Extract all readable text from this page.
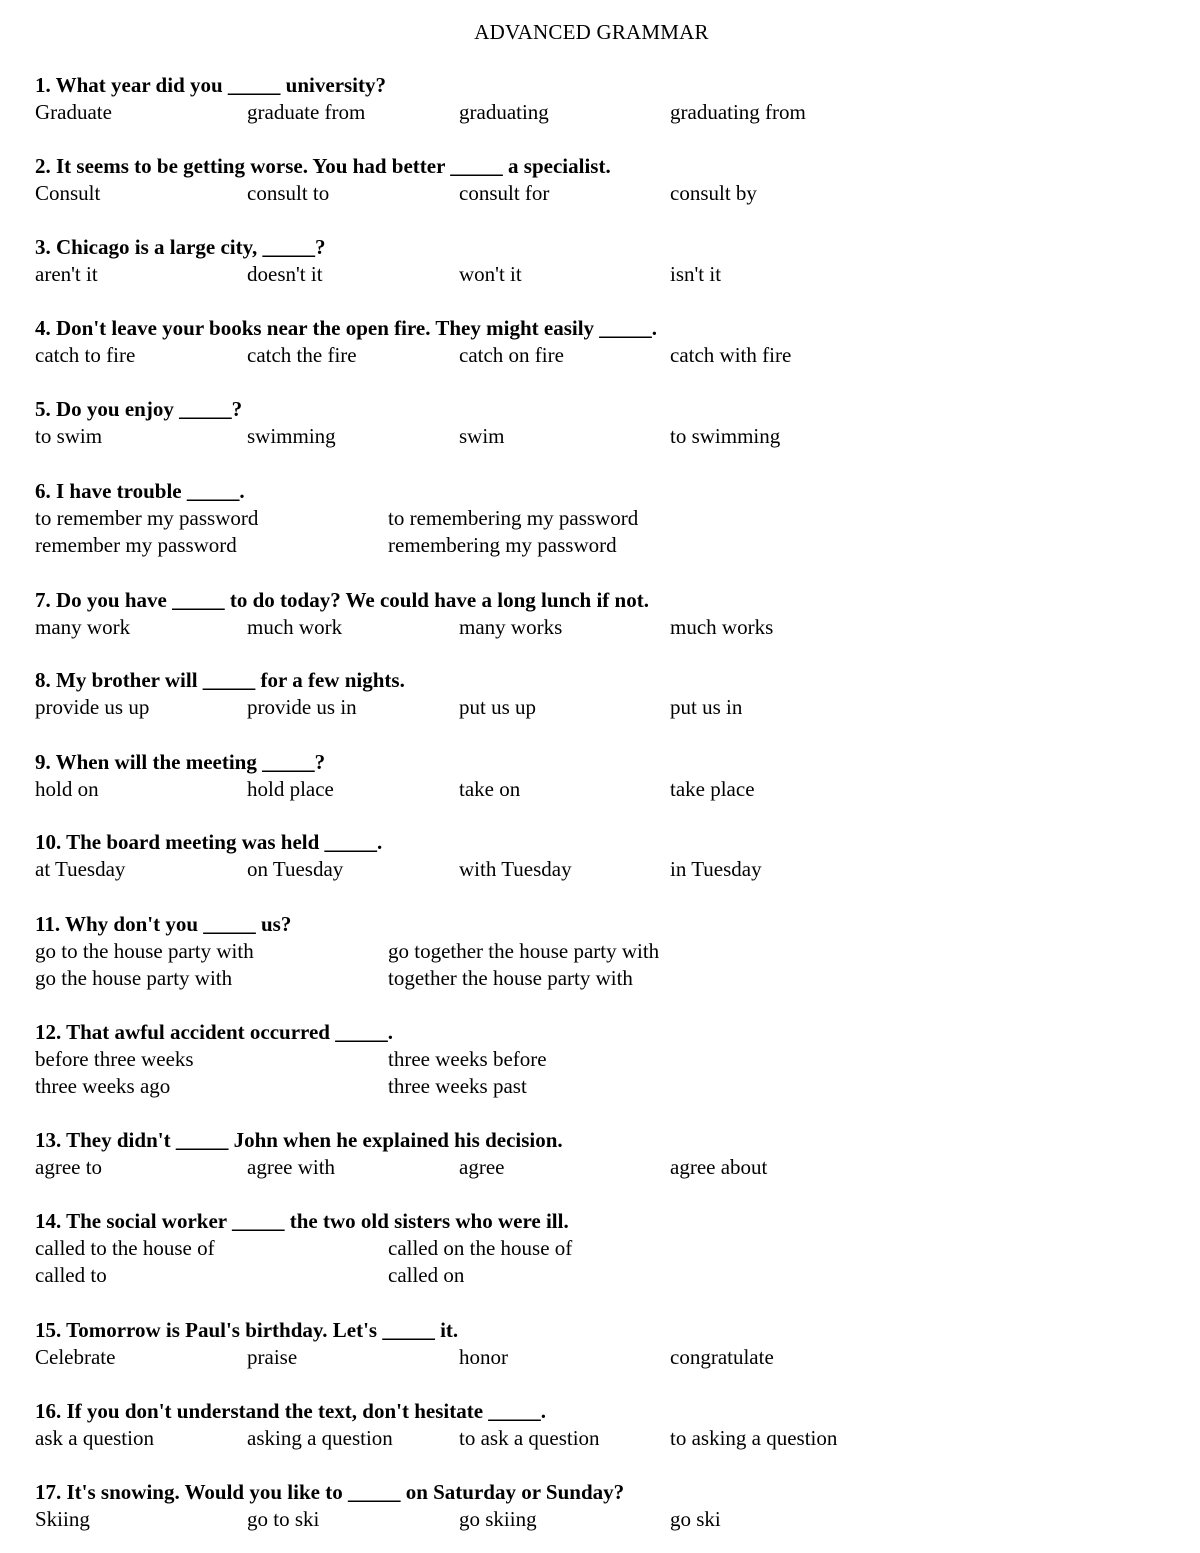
ADVANCED GRAMMAR
1. What year did you _____ university?
Graduate	graduate from	graduating	graduating from
2. It seems to be getting worse. You had better _____ a specialist.
Consult	consult to	consult for	consult by
3. Chicago is a large city, _____?
aren't it	doesn't it	won't it	isn't it
4. Don't leave your books near the open fire. They might easily _____.
catch to fire	catch the fire	catch on fire	catch with fire
5. Do you enjoy _____?
to swim	swimming	swim	to swimming
6. I have trouble _____.
to remember my password	to remembering my password
remember my password	remembering my password
7. Do you have _____ to do today? We could have a long lunch if not.
many work	much work	many works	much works
8. My brother will _____ for a few nights.
provide us up	provide us in	put us up	put us in
9. When will the meeting _____?
hold on	hold place	take on	take place
10. The board meeting was held _____.
at Tuesday	on Tuesday	with Tuesday	in Tuesday
11. Why don't you _____ us?
go to the house party with	go together the house party with
go the house party with	together the house party with
12. That awful accident occurred _____.
before three weeks	three weeks before
three weeks ago	three weeks past
13. They didn't _____ John when he explained his decision.
agree to	agree with	agree	agree about
14. The social worker _____ the two old sisters who were ill.
called to the house of	called on the house of
called to	called on
15. Tomorrow is Paul's birthday. Let's _____ it.
Celebrate	praise	honor	congratulate
16. If you don't understand the text, don't hesitate _____.
ask a question	asking a question	to ask a question	to asking a question
17. It's snowing. Would you like to _____ on Saturday or Sunday?
Skiing	go to ski	go skiing	go ski
